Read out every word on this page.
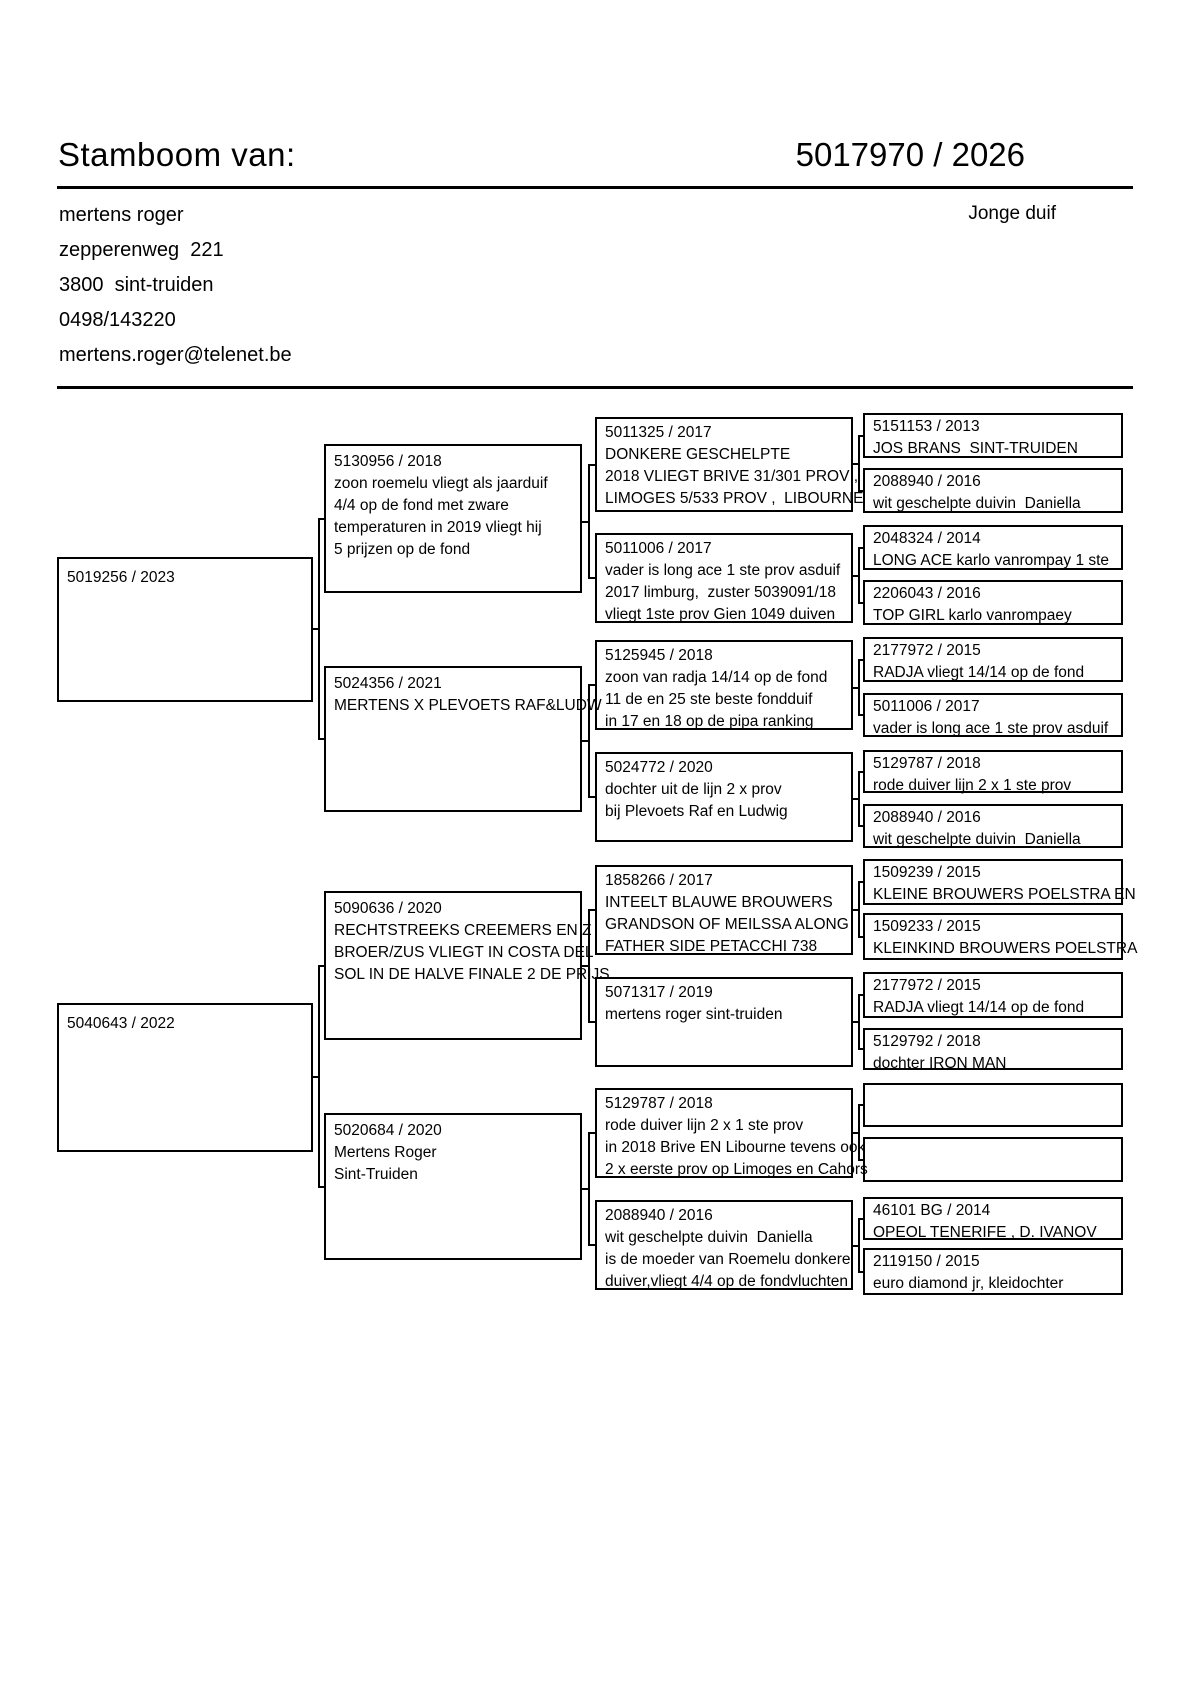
Stamboom van:	5017970 / 2026
mertens roger
zepperenweg  221
3800  sint-truiden
0498/143220
mertens.roger@telenet.be
Jonge duif
5019256 / 2023
5040643 / 2022
5130956 / 2018
zoon roemelu vliegt als jaarduif
4/4 op de fond met zware
temperaturen in 2019 vliegt hij
5 prijzen op de fond
5024356 / 2021
MERTENS X PLEVOETS RAF&LUDW
5090636 / 2020
RECHTSTREEKS CREEMERS EN Z
BROER/ZUS VLIEGT IN COSTA DEL
SOL IN DE HALVE FINALE 2 DE PRIJS
5020684 / 2020
Mertens Roger
Sint-Truiden
5011325 / 2017
DONKERE GESCHELPTE
2018 VLIEGT BRIVE 31/301 PROV ,
LIMOGES 5/533 PROV ,  LIBOURNE
5011006 / 2017
vader is long ace 1 ste prov asduif
2017 limburg,  zuster 5039091/18
vliegt 1ste prov Gien 1049 duiven
5125945 / 2018
zoon van radja 14/14 op de fond
11 de en 25 ste beste fondduif
in 17 en 18 op de pipa ranking
5024772 / 2020
dochter uit de lijn 2 x prov
bij Plevoets Raf en Ludwig
1858266 / 2017
INTEELT BLAUWE BROUWERS
GRANDSON OF MEILSSA ALONG
FATHER SIDE PETACCHI 738
5071317 / 2019
mertens roger sint-truiden
5129787 / 2018
rode duiver lijn 2 x 1 ste prov
in 2018 Brive EN Libourne tevens ook
2 x eerste prov op Limoges en Cahors
2088940 / 2016
wit geschelpte duivin  Daniella
is de moeder van Roemelu donkere
duiver,vliegt 4/4 op de fondvluchten
5151153 / 2013
JOS BRANS  SINT-TRUIDEN
2088940 / 2016
wit geschelpte duivin  Daniella
2048324 / 2014
LONG ACE karlo vanrompay 1 ste
2206043 / 2016
TOP GIRL karlo vanrompaey
2177972 / 2015
RADJA vliegt 14/14 op de fond
5011006 / 2017
vader is long ace 1 ste prov asduif
5129787 / 2018
rode duiver lijn 2 x 1 ste prov
2088940 / 2016
wit geschelpte duivin  Daniella
1509239 / 2015
KLEINE BROUWERS POELSTRA EN
1509233 / 2015
KLEINKIND BROUWERS POELSTRA
2177972 / 2015
RADJA vliegt 14/14 op de fond
5129792 / 2018
dochter IRON MAN
46101 BG / 2014
OPEOL TENERIFE , D. IVANOV
2119150 / 2015
euro diamond jr, kleidochter
